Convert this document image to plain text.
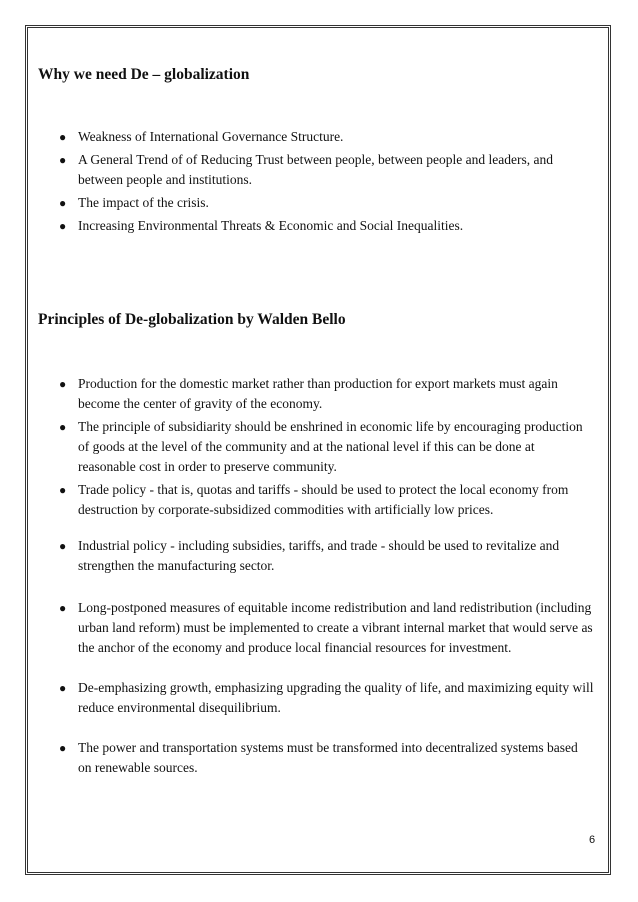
Why we need De – globalization
● Weakness of International Governance Structure.
● A General Trend of of Reducing Trust between people, between people and leaders, and between people and institutions.
● The impact of the crisis.
● Increasing Environmental Threats & Economic and Social Inequalities.
Principles of De-globalization by Walden Bello
● Production for the domestic market rather than production for export markets must again become the center of gravity of the economy.
● The principle of subsidiarity should be enshrined in economic life by encouraging production of goods at the level of the community and at the national level if this can be done at reasonable cost in order to preserve community.
● Trade policy - that is, quotas and tariffs - should be used to protect the local economy from destruction by corporate-subsidized commodities with artificially low prices.
● Industrial policy - including subsidies, tariffs, and trade - should be used to revitalize and strengthen the manufacturing sector.
● Long-postponed measures of equitable income redistribution and land redistribution (including urban land reform) must be implemented to create a vibrant internal market that would serve as the anchor of the economy and produce local financial resources for investment.
● De-emphasizing growth, emphasizing upgrading the quality of life, and maximizing equity will reduce environmental disequilibrium.
● The power and transportation systems must be transformed into decentralized systems based on renewable sources.
6
